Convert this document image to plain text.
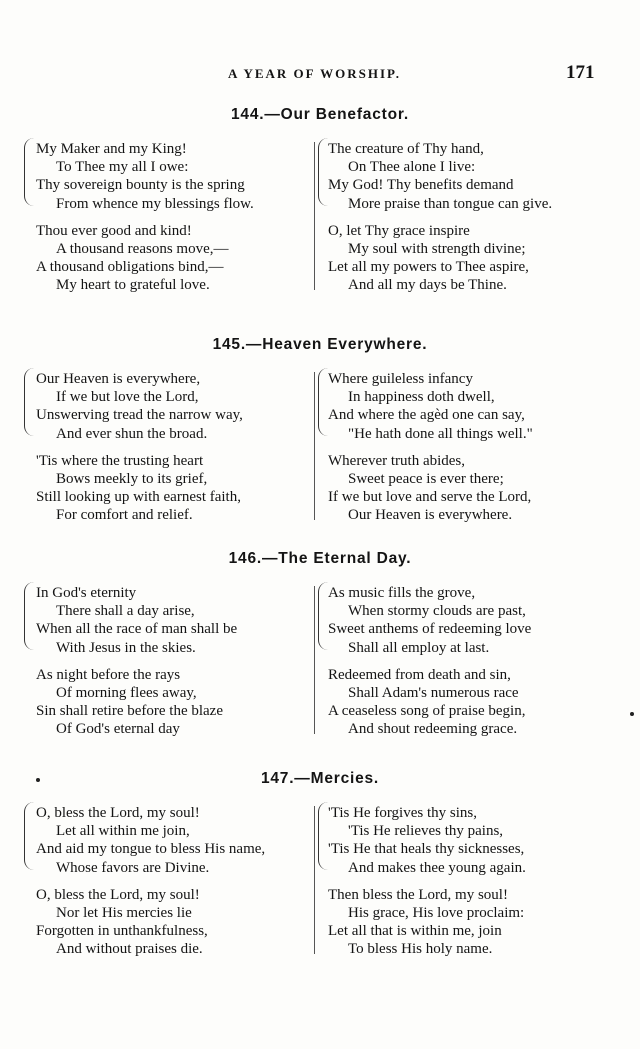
A YEAR OF WORSHIP.	171
144.—Our Benefactor.
My Maker and my King!
To Thee my all I owe:
Thy sovereign bounty is the spring
From whence my blessings flow.
Thou ever good and kind!
A thousand reasons move,—
A thousand obligations bind,—
My heart to grateful love.
The creature of Thy hand,
On Thee alone I live:
My God! Thy benefits demand
More praise than tongue can give.
O, let Thy grace inspire
My soul with strength divine;
Let all my powers to Thee aspire,
And all my days be Thine.
145.—Heaven Everywhere.
Our Heaven is everywhere,
If we but love the Lord,
Unswerving tread the narrow way,
And ever shun the broad.
'Tis where the trusting heart
Bows meekly to its grief,
Still looking up with earnest faith,
For comfort and relief.
Where guileless infancy
In happiness doth dwell,
And where the agèd one can say,
"He hath done all things well."
Wherever truth abides,
Sweet peace is ever there;
If we but love and serve the Lord,
Our Heaven is everywhere.
146.—The Eternal Day.
In God's eternity
There shall a day arise,
When all the race of man shall be
With Jesus in the skies.
As night before the rays
Of morning flees away,
Sin shall retire before the blaze
Of God's eternal day
As music fills the grove,
When stormy clouds are past,
Sweet anthems of redeeming love
Shall all employ at last.
Redeemed from death and sin,
Shall Adam's numerous race
A ceaseless song of praise begin,
And shout redeeming grace.
147.—Mercies.
O, bless the Lord, my soul!
Let all within me join,
And aid my tongue to bless His name,
Whose favors are Divine.
O, bless the Lord, my soul!
Nor let His mercies lie
Forgotten in unthankfulness,
And without praises die.
'Tis He forgives thy sins,
'Tis He relieves thy pains,
'Tis He that heals thy sicknesses,
And makes thee young again.
Then bless the Lord, my soul!
His grace, His love proclaim:
Let all that is within me, join
To bless His holy name.
